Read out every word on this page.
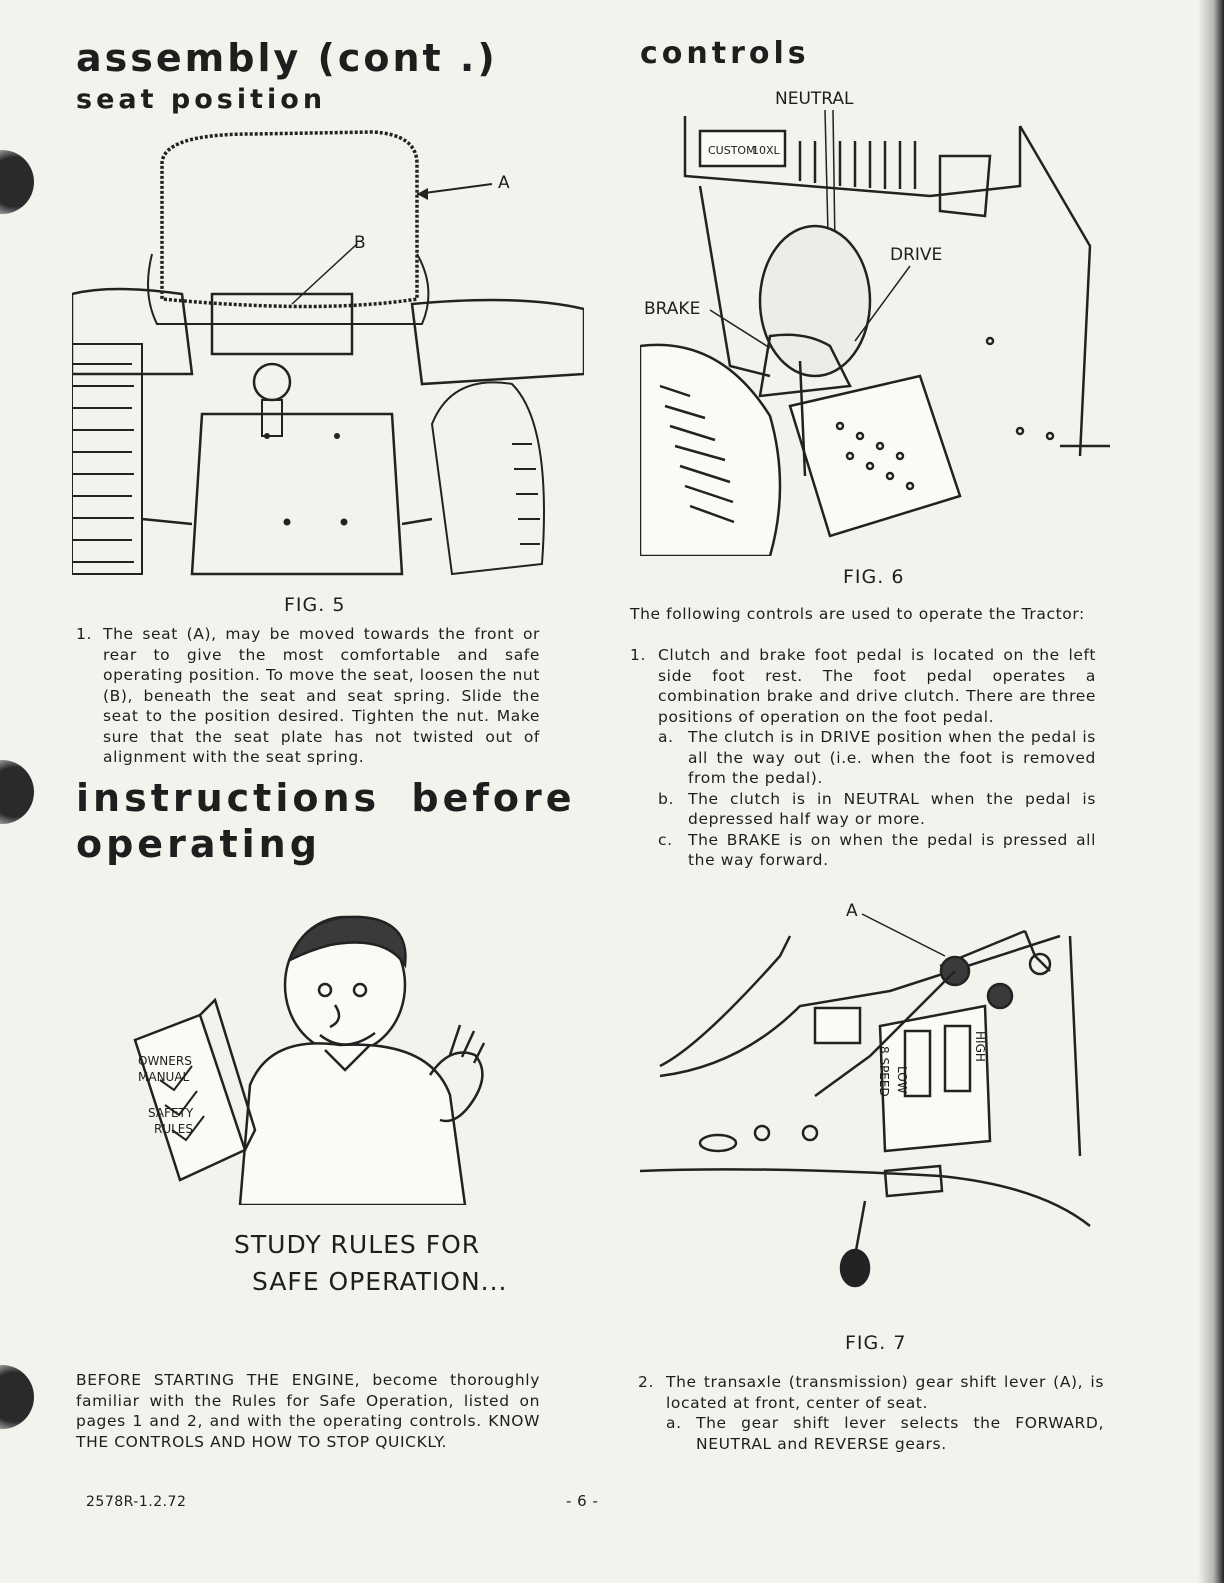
assembly (cont .)
seat position
A
B
FIG. 5
1. The seat (A), may be moved towards the front or rear to give the most comfortable and safe operating position. To move the seat, loosen the nut (B), beneath the seat and seat spring. Slide the seat to the position desired. Tighten the nut. Make sure that the seat plate has not twisted out of alignment with the seat spring.
instructions before
operating
OWNERS
MANUAL
SAFETY
RULES
STUDY RULES FOR
SAFE OPERATION...

BEFORE STARTING THE ENGINE, become thoroughly familiar with the Rules for Safe Operation, listed on pages 1 and 2, and with the operating controls. KNOW THE CONTROLS AND HOW TO STOP QUICKLY.

controls
NEUTRAL
CUSTOM
10XL
DRIVE
BRAKE
FIG. 6

The following controls are used to operate the Tractor:

1. Clutch and brake foot pedal is located on the left side foot rest. The foot pedal operates a combination brake and drive clutch. There are three positions of operation on the foot pedal.
a. The clutch is in DRIVE position when the pedal is all the way out (i.e. when the foot is removed from the pedal).
b. The clutch is in NEUTRAL when the pedal is depressed half way or more.
c. The BRAKE is on when the pedal is pressed all the way forward.
A
LOW
8 SPEED	HIGH
FIG. 7
2. The transaxle (transmission) gear shift lever (A), is located at front, center of seat.
a. The gear shift lever selects the FORWARD, NEUTRAL and REVERSE gears.
2578R-1.2.72	- 6 -
